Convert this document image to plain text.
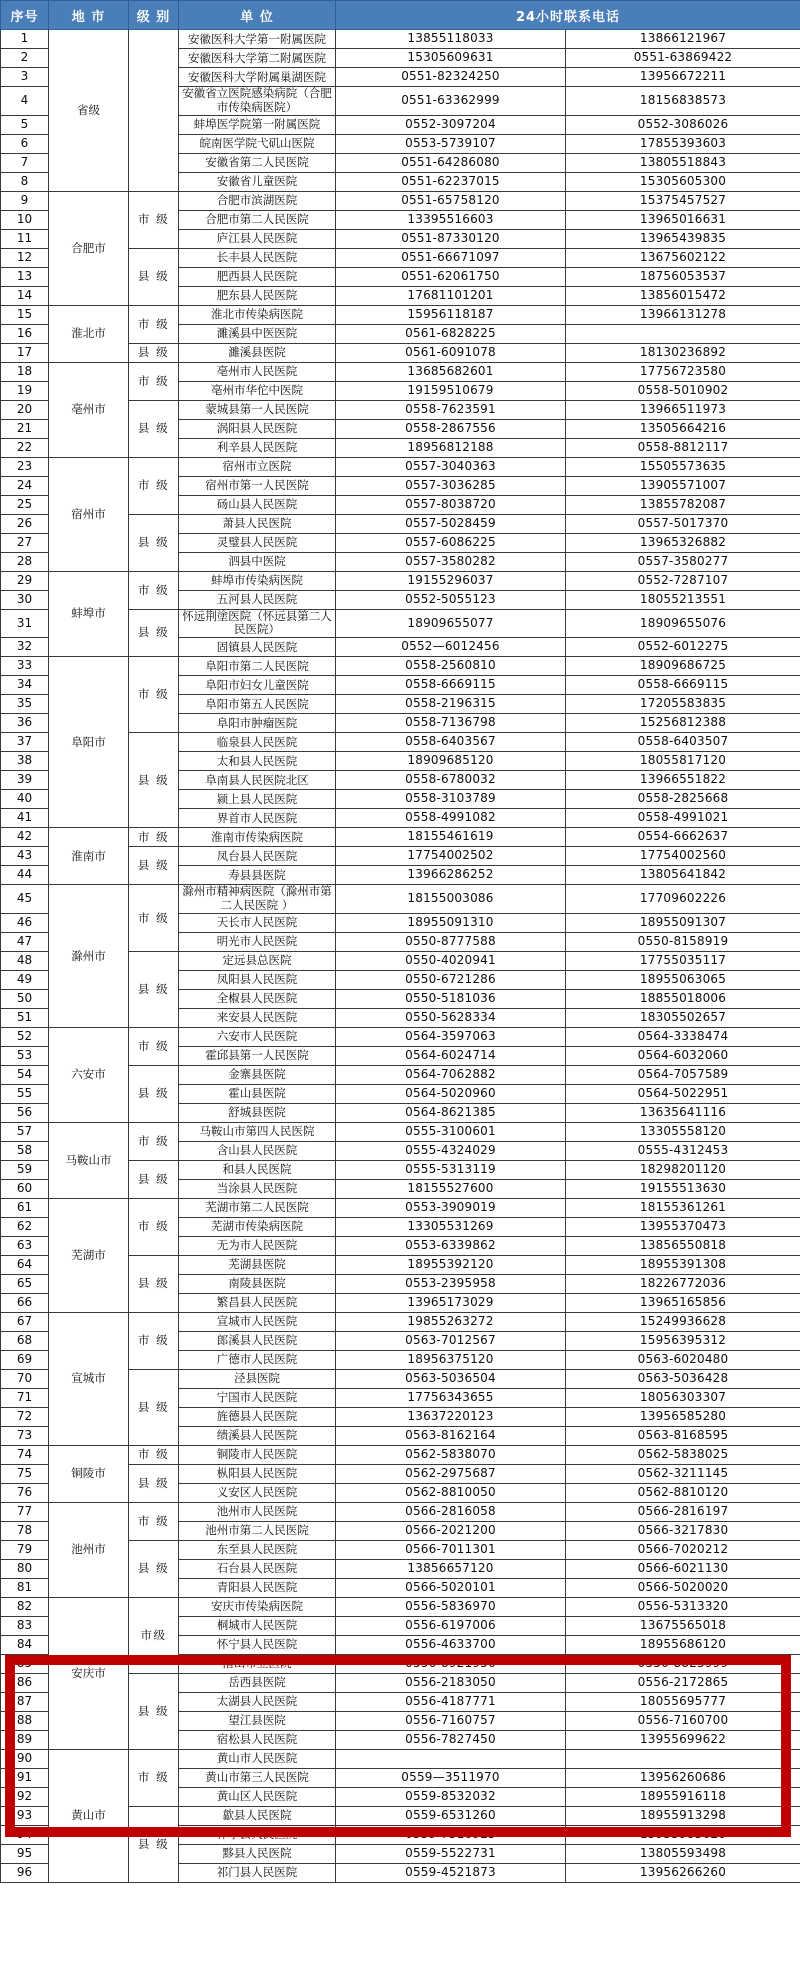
序号	地 市	级 别	单 位	24小时联系电话	
1	省级		安徽医科大学第一附属医院	13855118033	13866121967
2			安徽医科大学第二附属医院	15305609631	0551-63869422
3			安徽医科大学附属巢湖医院	0551-82324250	13956672211
4			安徽省立医院感染病院（合肥市传染病医院）	0551-63362999	18156838573
5			蚌埠医学院第一附属医院	0552-3097204	0552-3086026
6			皖南医学院弋矶山医院	0553-5739107	17855393603
7			安徽省第二人民医院	0551-64286080	13805518843
8			安徽省儿童医院	0551-62237015	15305605300
9	合肥市	市 级	合肥市滨湖医院	0551-65758120	15375457527
10			合肥市第二人民医院	13395516603	13965016631
11			庐江县人民医院	0551-87330120	13965439835
12		县 级	长丰县人民医院	0551-66671097	13675602122
13			肥西县人民医院	0551-62061750	18756053537
14			肥东县人民医院	17681101201	13856015472
15	淮北市	市 级	淮北市传染病医院	15956118187	13966131278
16			濉溪县中医医院	0561-6828225	
17		县 级	濉溪县医院	0561-6091078	18130236892
18	亳州市	市 级	亳州市人民医院	13685682601	17756723580
19			亳州市华佗中医院	19159510679	0558-5010902
20		县 级	蒙城县第一人民医院	0558-7623591	13966511973
21			涡阳县人民医院	0558-2867556	13505664216
22			利辛县人民医院	18956812188	0558-8812117
23	宿州市	市 级	宿州市立医院	0557-3040363	15505573635
24			宿州市第一人民医院	0557-3036285	13905571007
25			砀山县人民医院	0557-8038720	13855782087
26		县 级	萧县人民医院	0557-5028459	0557-5017370
27			灵璧县人民医院	0557-6086225	13965326882
28			泗县中医院	0557-3580282	0557-3580277
29	蚌埠市	市 级	蚌埠市传染病医院	19155296037	0552-7287107
30			五河县人民医院	0552-5055123	18055213551
31		县 级	怀远荆塗医院（怀远县第二人民医院）	18909655077	18909655076
32			固镇县人民医院	0552—6012456	0552-6012275
33	阜阳市	市 级	阜阳市第二人民医院	0558-2560810	18909686725
34			阜阳市妇女儿童医院	0558-6669115	0558-6669115
35			阜阳市第五人民医院	0558-2196315	17205583835
36			阜阳市肿瘤医院	0558-7136798	15256812388
37		县 级	临泉县人民医院	0558-6403567	0558-6403507
38			太和县人民医院	18909685120	18055817120
39			阜南县人民医院北区	0558-6780032	13966551822
40			颍上县人民医院	0558-3103789	0558-2825668
41			界首市人民医院	0558-4991082	0558-4991021
42	淮南市	市 级	淮南市传染病医院	18155461619	0554-6662637
43		县 级	凤台县人民医院	17754002502	17754002560
44			寿县县医院	13966286252	13805641842
45	滁州市	市 级	滁州市精神病医院（滁州市第二人民医院 ）	18155003086	17709602226
46			天长市人民医院	18955091310	18955091307
47			明光市人民医院	0550-8777588	0550-8158919
48		县 级	定远县总医院	0550-4020941	17755035117
49			凤阳县人民医院	0550-6721286	18955063065
50			全椒县人民医院	0550-5181036	18855018006
51			来安县人民医院	0550-5628334	18305502657
52	六安市	市 级	六安市人民医院	0564-3597063	0564-3338474
53			霍邱县第一人民医院	0564-6024714	0564-6032060
54		县 级	金寨县医院	0564-7062882	0564-7057589
55			霍山县医院	0564-5020960	0564-5022951
56			舒城县医院	0564-8621385	13635641116
57	马鞍山市	市 级	马鞍山市第四人民医院	0555-3100601	13305558120
58			含山县人民医院	0555-4324029	0555-4312453
59		县 级	和县人民医院	0555-5313119	18298201120
60			当涂县人民医院	18155527600	19155513630
61	芜湖市	市 级	芜湖市第二人民医院	0553-3909019	18155361261
62			芜湖市传染病医院	13305531269	13955370473
63			无为市人民医院	0553-6339862	13856550818
64		县 级	芜湖县医院	18955392120	18955391308
65			南陵县医院	0553-2395958	18226772036
66			繁昌县人民医院	13965173029	13965165856
67	宣城市	市 级	宣城市人民医院	19855263272	15249936628
68			郎溪县人民医院	0563-7012567	15956395312
69			广德市人民医院	18956375120	0563-6020480
70		县 级	泾县医院	0563-5036504	0563-5036428
71			宁国市人民医院	17756343655	18056303307
72			旌德县人民医院	13637220123	13956585280
73			绩溪县人民医院	0563-8162164	0563-8168595
74	铜陵市	市 级	铜陵市人民医院	0562-5838070	0562-5838025
75		县 级	枞阳县人民医院	0562-2975687	0562-3211145
76			义安区人民医院	0562-8810050	0562-8810120
77	池州市	市 级	池州市人民医院	0566-2816058	0566-2816197
78			池州市第二人民医院	0566-2021200	0566-3217830
79		县 级	东至县人民医院	0566-7011301	0566-7020212
80			石台县人民医院	13856657120	0566-6021130
81			青阳县人民医院	0566-5020101	0566-5020020
82	安庆市	市级	安庆市传染病医院	0556-5836970	0556-5313320
83			桐城市人民医院	0556-6197006	13675565018
84			怀宁县人民医院	0556-4633700	18955686120
85			潜山市立医院	0556-8921956	0556-8823999
86		县 级	岳西县医院	0556-2183050	0556-2172865
87			太湖县人民医院	0556-4187771	18055695777
88			望江县医院	0556-7160757	0556-7160700
89			宿松县人民医院	0556-7827450	13955699622
90	黄山市	市 级	黄山市人民医院		
91			黄山市第三人民医院	0559—3511970	13956260686
92			黄山区人民医院	0559-8532032	18955916118
93		县 级	歙县人民医院	0559-6531260	18955913298
94			休宁县人民医院	0559-7516925	13955983620
95			黟县人民医院	0559-5522731	13805593498
96			祁门县人民医院	0559-4521873	13956266260
